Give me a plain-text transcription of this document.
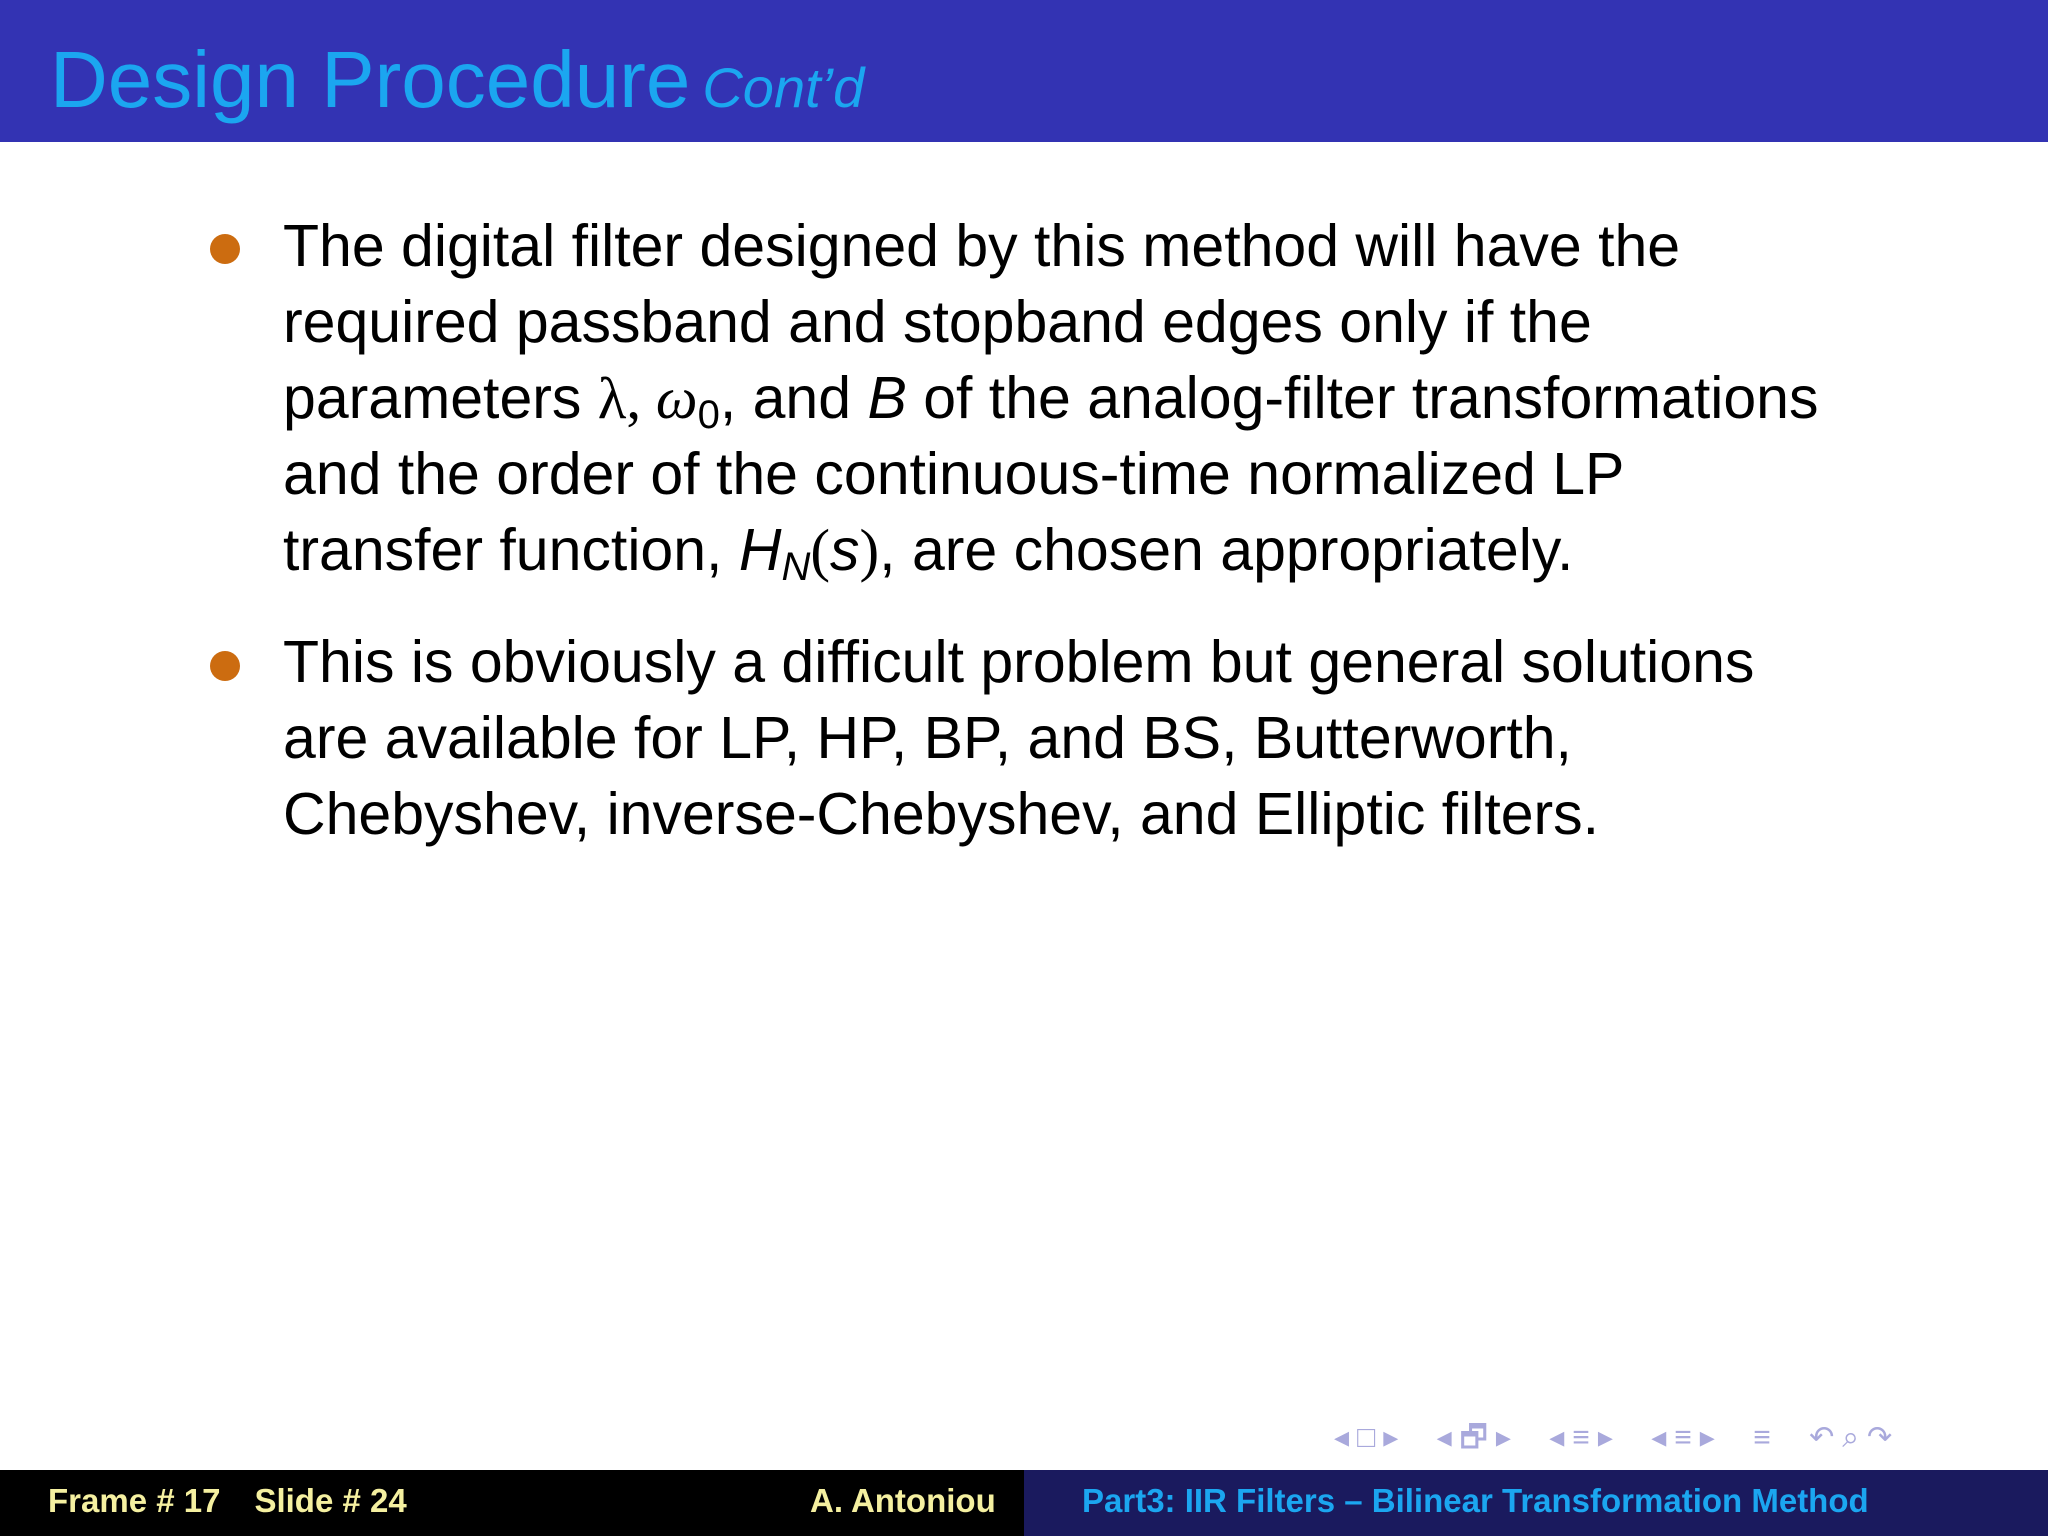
Design Procedure Cont’d
The digital filter designed by this method will have the
required passband and stopband edges only if the
parameters λ, $\omega_0$, and B of the analog-filter transformations
and the order of the continuous-time normalized LP
transfer function, $H_N(s)$, are chosen appropriately.
This is obviously a difficult problem but general solutions
are available for LP, HP, BP, and BS, Butterworth,
Chebyshev, inverse-Chebyshev, and Elliptic filters.
◂ □ ▸ ◂ 🗗 ▸ ◂ ≡ ▸ ◂ ≡ ▸ ≡ ↶ ⌕ ↷
Frame # 17 Slide # 24	A. Antoniou	Part3: IIR Filters – Bilinear Transformation Method
